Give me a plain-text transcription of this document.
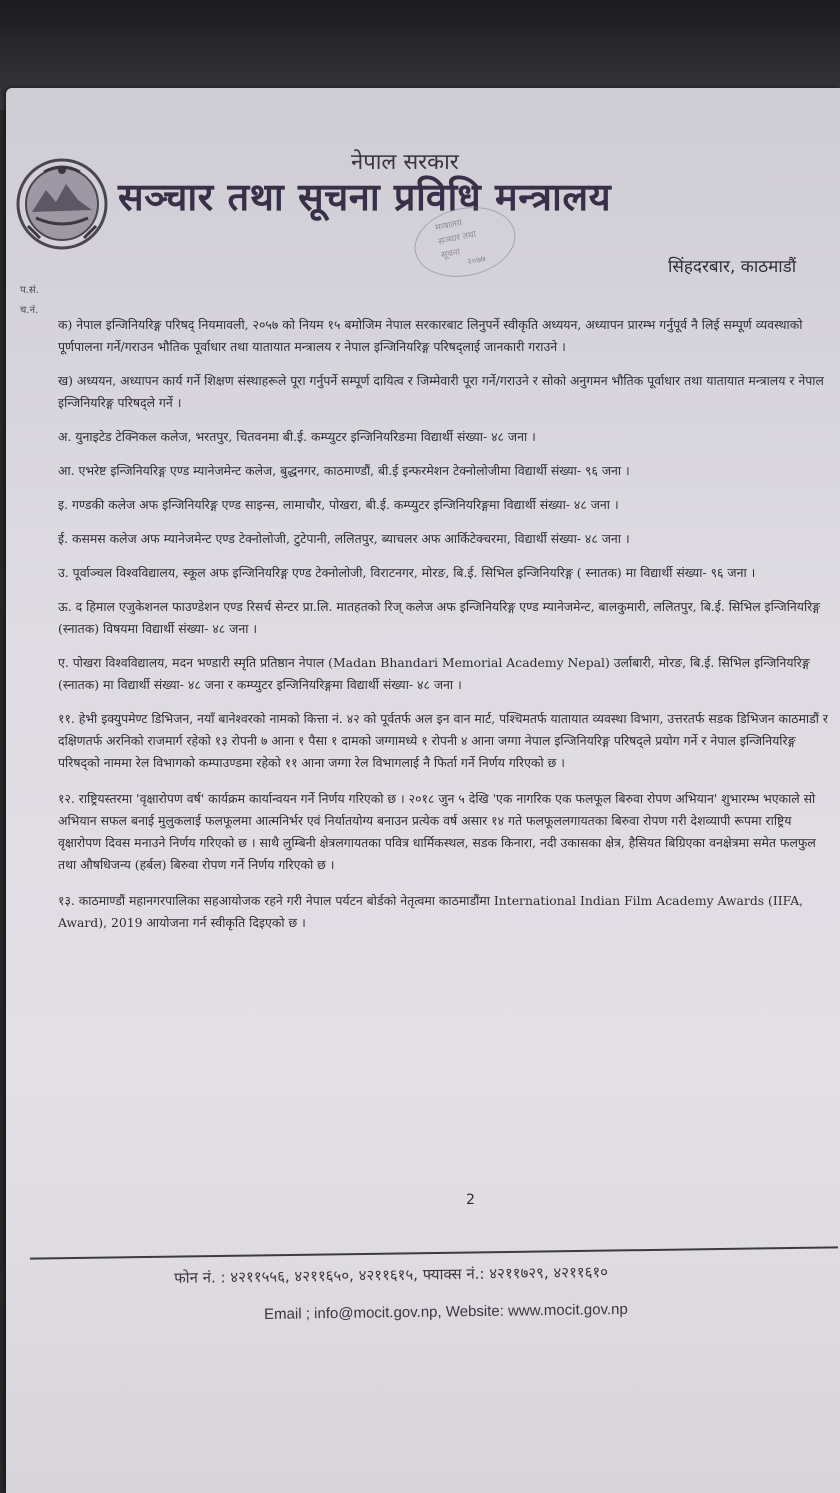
नेपाल सरकार
सञ्चार तथा सूचना प्रविधि मन्त्रालय
मन्त्रालय
सञ्चार तथा
सूचना २०७७	सिंहदरबार, काठमाडौं
प.सं.
च.नं.

क) नेपाल इन्जिनियरिङ्ग परिषद् नियमावली, २०५७ को नियम १५ बमोजिम नेपाल सरकारबाट लिनुपर्ने स्वीकृति अध्ययन, अध्यापन प्रारम्भ गर्नुपूर्व नै लिई सम्पूर्ण व्यवस्थाको पूर्णपालना गर्ने/गराउन भौतिक पूर्वाधार तथा यातायात मन्त्रालय र नेपाल इन्जिनियरिङ्ग परिषद्लाई जानकारी गराउने ।

ख) अध्ययन, अध्यापन कार्य गर्ने शिक्षण संस्थाहरूले पूरा गर्नुपर्ने सम्पूर्ण दायित्व र जिम्मेवारी पूरा गर्ने/गराउने र सोको अनुगमन भौतिक पूर्वाधार तथा यातायात मन्त्रालय र नेपाल इन्जिनियरिङ्ग परिषद्ले गर्ने ।

अ. युनाइटेड टेक्निकल कलेज, भरतपुर, चितवनमा बी.ई. कम्प्युटर इन्जिनियरिङमा विद्यार्थी संख्या- ४८ जना ।

आ. एभरेष्ट इन्जिनियरिङ्ग एण्ड म्यानेजमेन्ट कलेज, बुद्धनगर, काठमाण्डौं, बी.ई इन्फरमेशन टेक्नोलोजीमा विद्यार्थी संख्या- ९६ जना ।

इ. गण्डकी कलेज अफ इन्जिनियरिङ्ग एण्ड साइन्स, लामाचौर, पोखरा, बी.ई. कम्प्युटर इन्जिनियरिङ्गमा विद्यार्थी संख्या- ४८ जना ।

ई. कसमस कलेज अफ म्यानेजमेन्ट एण्ड टेक्नोलोजी, टुटेपानी, ललितपुर, ब्याचलर अफ आर्किटेक्चरमा, विद्यार्थी संख्या- ४८ जना ।

उ. पूर्वाञ्चल विश्वविद्यालय, स्कूल अफ इन्जिनियरिङ्ग एण्ड टेक्नोलोजी, विराटनगर, मोरङ, बि.ई. सिभिल इन्जिनियरिङ्ग ( स्नातक) मा विद्यार्थी संख्या- ९६ जना ।

ऊ. द हिमाल एजुकेशनल फाउण्डेशन एण्ड रिसर्च सेन्टर प्रा.लि. मातहतको रिज् कलेज अफ इन्जिनियरिङ्ग एण्ड म्यानेजमेन्ट, बालकुमारी, ललितपुर, बि.ई. सिभिल इन्जिनियरिङ्ग (स्नातक) विषयमा विद्यार्थी संख्या- ४८ जना ।

ए. पोखरा विश्वविद्यालय, मदन भण्डारी स्मृति प्रतिष्ठान नेपाल (Madan Bhandari Memorial Academy Nepal) उर्लाबारी, मोरङ, बि.ई. सिभिल इन्जिनियरिङ्ग (स्नातक) मा विद्यार्थी संख्या- ४८ जना र कम्प्युटर इन्जिनियरिङ्गमा विद्यार्थी संख्या- ४८ जना ।

११. हेभी इक्युपमेण्ट डिभिजन, नयाँ बानेश्वरको नामको कित्ता नं. ४२ को पूर्वतर्फ अल इन वान मार्ट, पश्चिमतर्फ यातायात व्यवस्था विभाग, उत्तरतर्फ सडक डिभिजन काठमाडौं र दक्षिणतर्फ अरनिको राजमार्ग रहेको १३ रोपनी ७ आना १ पैसा १ दामको जग्गामध्ये १ रोपनी ४ आना जग्गा नेपाल इन्जिनियरिङ्ग परिषद्ले प्रयोग गर्ने र नेपाल इन्जिनियरिङ्ग परिषद्को नाममा रेल विभागको कम्पाउण्डमा रहेको ११ आना जग्गा रेल विभागलाई नै फिर्ता गर्ने निर्णय गरिएको छ ।

१२. राष्ट्रियस्तरमा 'वृक्षारोपण वर्ष' कार्यक्रम कार्यान्वयन गर्ने निर्णय गरिएको छ । २०१८ जुन ५ देखि 'एक नागरिक एक फलफूल बिरुवा रोपण अभियान' शुभारम्भ भएकाले सो अभियान सफल बनाई मुलुकलाई फलफूलमा आत्मनिर्भर एवं निर्यातयोग्य बनाउन प्रत्येक वर्ष असार १४ गते फलफूललगायतका बिरुवा रोपण गरी देशव्यापी रूपमा राष्ट्रिय वृक्षारोपण दिवस मनाउने निर्णय गरिएको छ । साथै लुम्बिनी क्षेत्रलगायतका पवित्र धार्मिकस्थल, सडक किनारा, नदी उकासका क्षेत्र, हैसियत बिग्रिएका वनक्षेत्रमा समेत फलफुल तथा औषधिजन्य (हर्बल) बिरुवा रोपण गर्ने निर्णय गरिएको छ ।

१३. काठमाण्डौं महानगरपालिका सहआयोजक रहने गरी नेपाल पर्यटन बोर्डको नेतृत्वमा काठमाडौंमा International Indian Film Academy Awards (IIFA, Award), 2019 आयोजना गर्न स्वीकृति दिइएको छ ।

2
फोन नं. : ४२११५५६, ४२११६५०, ४२११६१५, फ्याक्स नं.: ४२११७२९, ४२११६१०
Email ; info@mocit.gov.np, Website: www.mocit.gov.np
